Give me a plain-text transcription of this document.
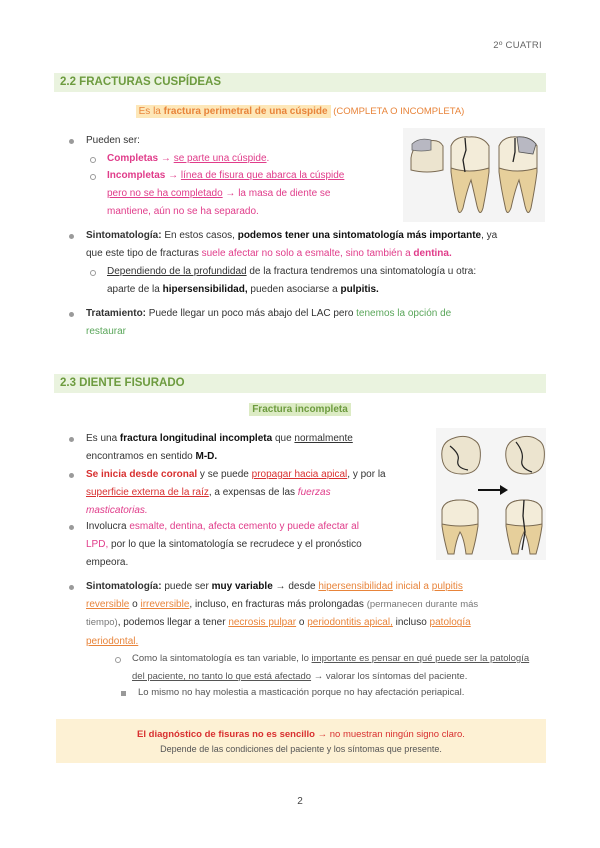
2º CUATRI
2.2 FRACTURAS CUSPÍDEAS
Es la fractura perimetral de una cúspide (COMPLETA O INCOMPLETA)
Pueden ser:
Completas → se parte una cúspide.
Incompletas → línea de fisura que abarca la cúspide
pero no se ha completado → la masa de diente se
mantiene, aún no se ha separado.
Sintomatología: En estos casos, podemos tener una sintomatología más importante, ya
que este tipo de fracturas suele afectar no solo a esmalte, sino también a dentina.
Dependiendo de la profundidad de la fractura tendremos una sintomatología u otra:
aparte de la hipersensibilidad, pueden asociarse a pulpitis.
Tratamiento: Puede llegar un poco más abajo del LAC pero tenemos la opción de
restaurar
2.3 DIENTE FISURADO
Fractura incompleta
Es una fractura longitudinal incompleta que normalmente
encontramos en sentido M-D.
Se inicia desde coronal y se puede propagar hacia apical, y por la
superficie externa de la raíz, a expensas de las fuerzas
masticatorias.
Involucra esmalte, dentina, afecta cemento y puede afectar al
LPD, por lo que la sintomatología se recrudece y el pronóstico
empeora.
Sintomatología: puede ser muy variable → desde hipersensibilidad inicial a pulpitis
reversible o irreversible, incluso, en fracturas más prolongadas (permanecen durante más
tiempo), podemos llegar a tener necrosis pulpar o periodontitis apical, incluso patología
periodontal.
Como la sintomatología es tan variable, lo importante es pensar en qué puede ser la patología
del paciente, no tanto lo que está afectado → valorar los síntomas del paciente.
Lo mismo no hay molestia a masticación porque no hay afectación periapical.
El diagnóstico de fisuras no es sencillo → no muestran ningún signo claro.
Depende de las condiciones del paciente y los síntomas que presente.
2
